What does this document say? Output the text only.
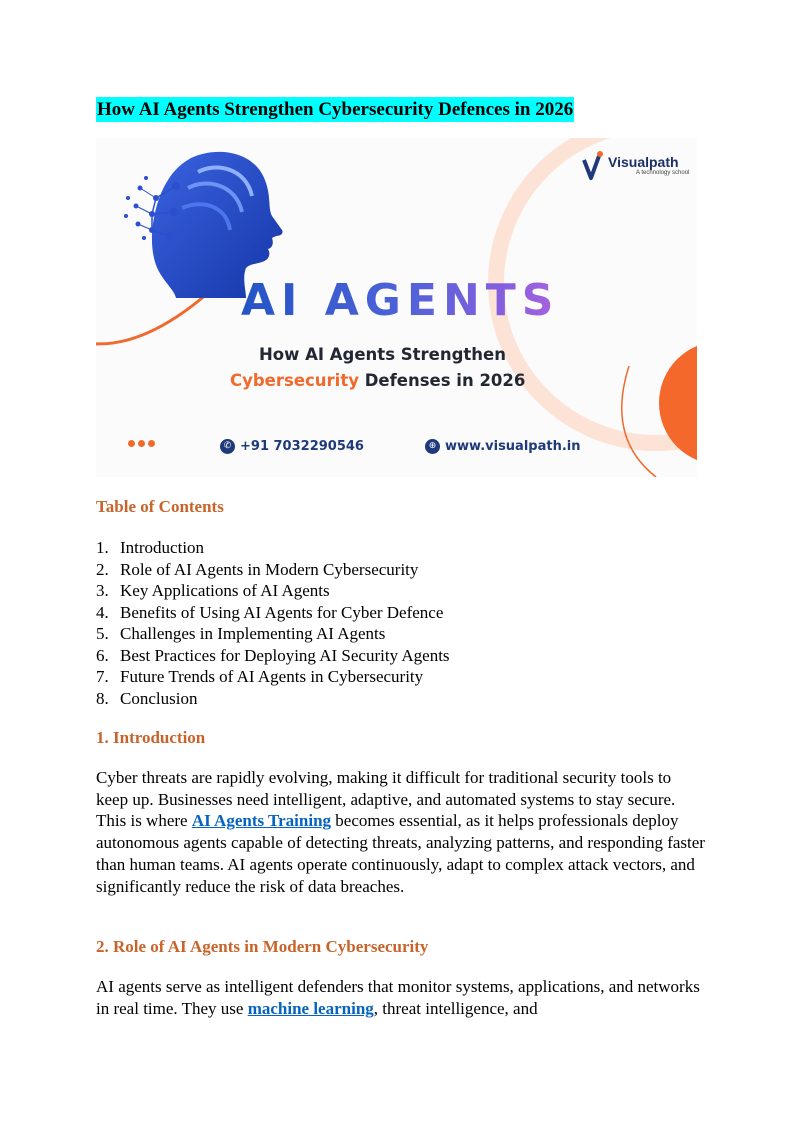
How AI Agents Strengthen Cybersecurity Defences in 2026
Visualpath
A technology school
AI AGENTS
How AI Agents Strengthen
Cybersecurity Defenses in 2026
✆ +91 7032290546	⊕ www.visualpath.in
Table of Contents
1. Introduction
2. Role of AI Agents in Modern Cybersecurity
3. Key Applications of AI Agents
4. Benefits of Using AI Agents for Cyber Defence
5. Challenges in Implementing AI Agents
6. Best Practices for Deploying AI Security Agents
7. Future Trends of AI Agents in Cybersecurity
8. Conclusion
1. Introduction

Cyber threats are rapidly evolving, making it difficult for traditional security tools to keep up. Businesses need intelligent, adaptive, and automated systems to stay secure. This is where AI Agents Training becomes essential, as it helps professionals deploy autonomous agents capable of detecting threats, analyzing patterns, and responding faster than human teams. AI agents operate continuously, adapt to complex attack vectors, and significantly reduce the risk of data breaches.

2. Role of AI Agents in Modern Cybersecurity

AI agents serve as intelligent defenders that monitor systems, applications, and networks in real time. They use machine learning, threat intelligence, and
